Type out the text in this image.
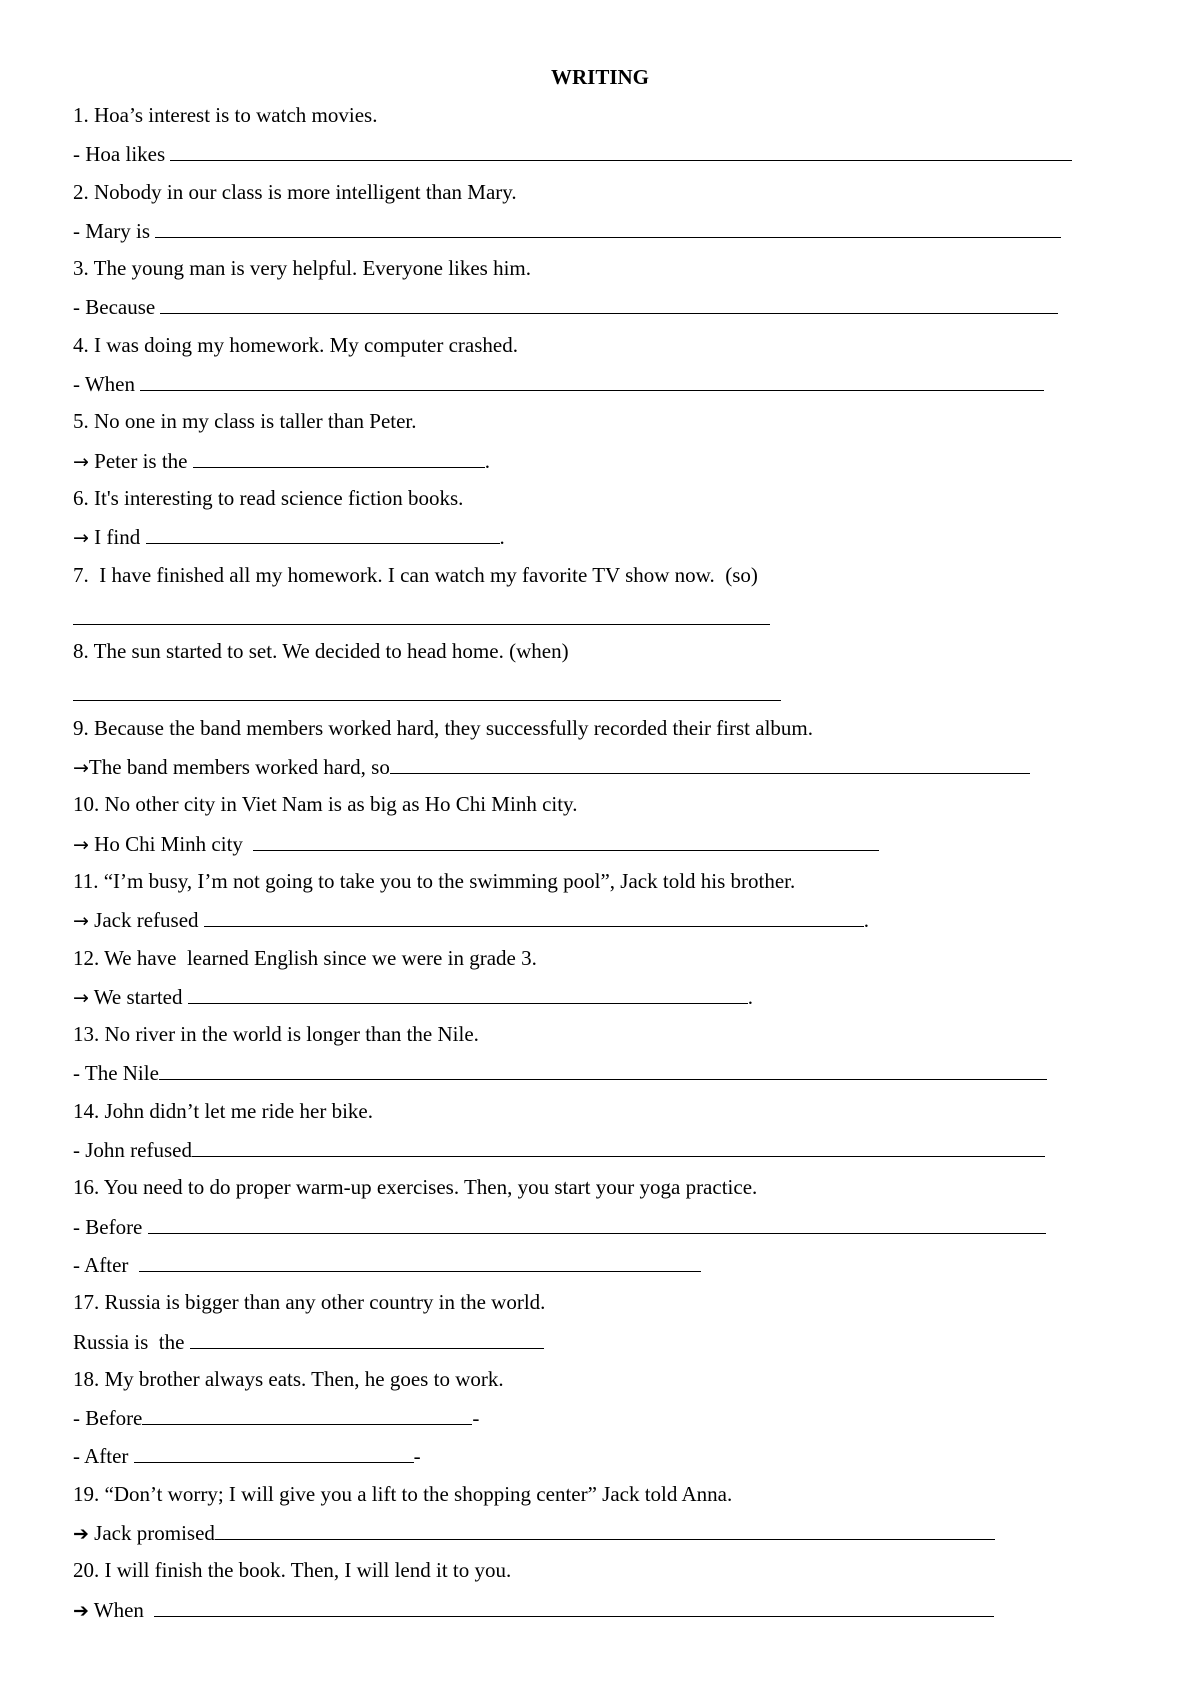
WRITING
1. Hoa’s interest is to watch movies.
- Hoa likes
2. Nobody in our class is more intelligent than Mary.
- Mary is
3. The young man is very helpful. Everyone likes him.
- Because
4. I was doing my homework. My computer crashed.
- When
5. No one in my class is taller than Peter.
→ Peter is the	.
6. It's interesting to read science fiction books.
→ I find	.
7.  I have finished all my homework. I can watch my favorite TV show now.  (so)
8. The sun started to set. We decided to head home. (when)
9. Because the band members worked hard, they successfully recorded their first album.
→The band members worked hard, so
10. No other city in Viet Nam is as big as Ho Chi Minh city.
→ Ho Chi Minh city
11. “I’m busy, I’m not going to take you to the swimming pool”, Jack told his brother.
→ Jack refused	.
12. We have  learned English since we were in grade 3.
→ We started	.
13. No river in the world is longer than the Nile.
- The Nile
14. John didn’t let me ride her bike.
- John refused
16. You need to do proper warm-up exercises. Then, you start your yoga practice.
- Before
- After
17. Russia is bigger than any other country in the world.
Russia is  the
18. My brother always eats. Then, he goes to work.
- Before	-
- After	-
19. “Don’t worry; I will give you a lift to the shopping center” Jack told Anna.
➔ Jack promised
20. I will finish the book. Then, I will lend it to you.
➔ When
